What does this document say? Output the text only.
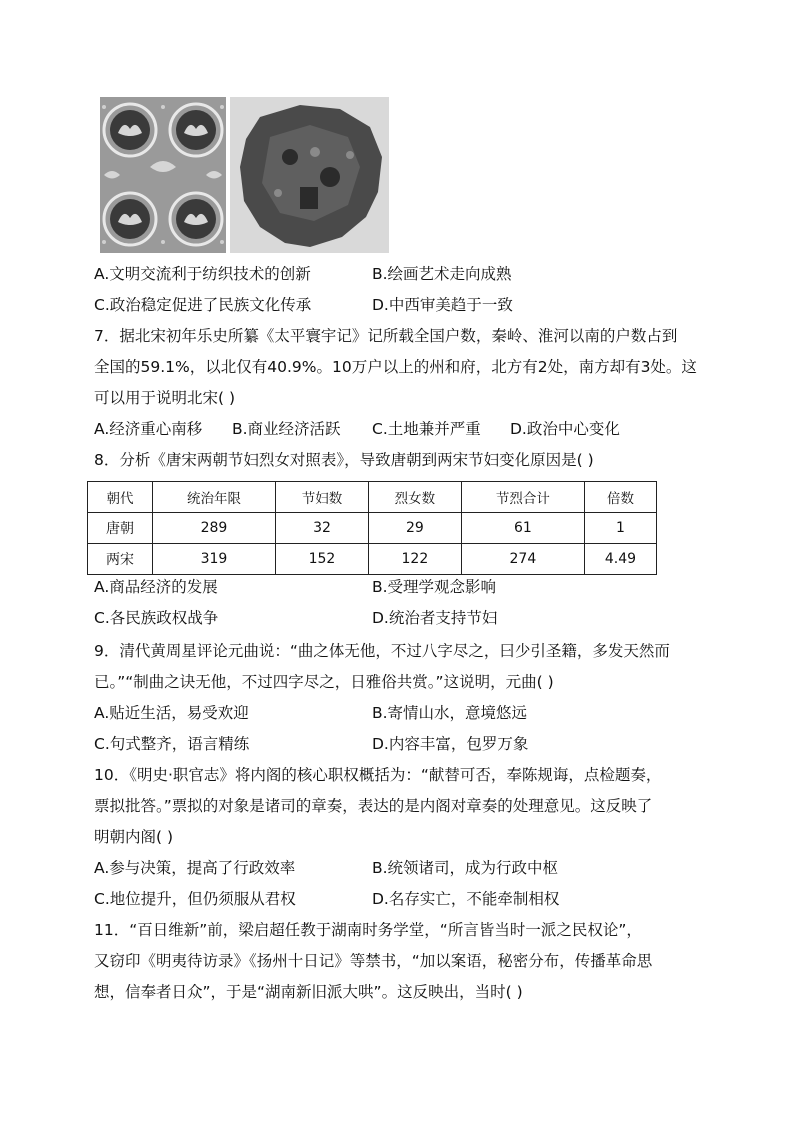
A.文明交流利于纺织技术的创新	B.绘画艺术走向成熟
C.政治稳定促进了民族文化传承	D.中西审美趋于一致
7．据北宋初年乐史所纂《太平寰宇记》记所载全国户数，秦岭、淮河以南的户数占到
全国的59.1%，以北仅有40.9%。10万户以上的州和府，北方有2处，南方却有3处。这
可以用于说明北宋( )
A.经济重心南移 B.商业经济活跃 C.土地兼并严重 D.政治中心变化
8．分析《唐宋两朝节妇烈女对照表》，导致唐朝到两宋节妇变化原因是( )
朝代	统治年限	节妇数	烈女数	节烈合计	倍数
唐朝	289	32	29	61	1
两宋	319	152	122	274	4.49
A.商品经济的发展	B.受理学观念影响
C.各民族政权战争	D.统治者支持节妇
9．清代黄周星评论元曲说：“曲之体无他，不过八字尽之，曰少引圣籍，多发天然而
已。”“制曲之诀无他，不过四字尽之，日雅俗共赏。”这说明，元曲( )
A.贴近生活，易受欢迎	B.寄情山水，意境悠远
C.句式整齐，语言精练	D.内容丰富，包罗万象
10．《明史·职官志》将内阁的核心职权概括为：“献替可否，奉陈规诲，点检题奏，
票拟批答。”票拟的对象是诸司的章奏，表达的是内阁对章奏的处理意见。这反映了
明朝内阁( )
A.参与决策，提高了行政效率	B.统领诸司，成为行政中枢
C.地位提升，但仍须服从君权	D.名存实亡，不能牵制相权
11．“百日维新”前，梁启超任教于湖南时务学堂，“所言皆当时一派之民权论”，
又窃印《明夷待访录》《扬州十日记》等禁书，“加以案语，秘密分布，传播革命思
想，信奉者日众”，于是“湖南新旧派大哄”。这反映出，当时( )
